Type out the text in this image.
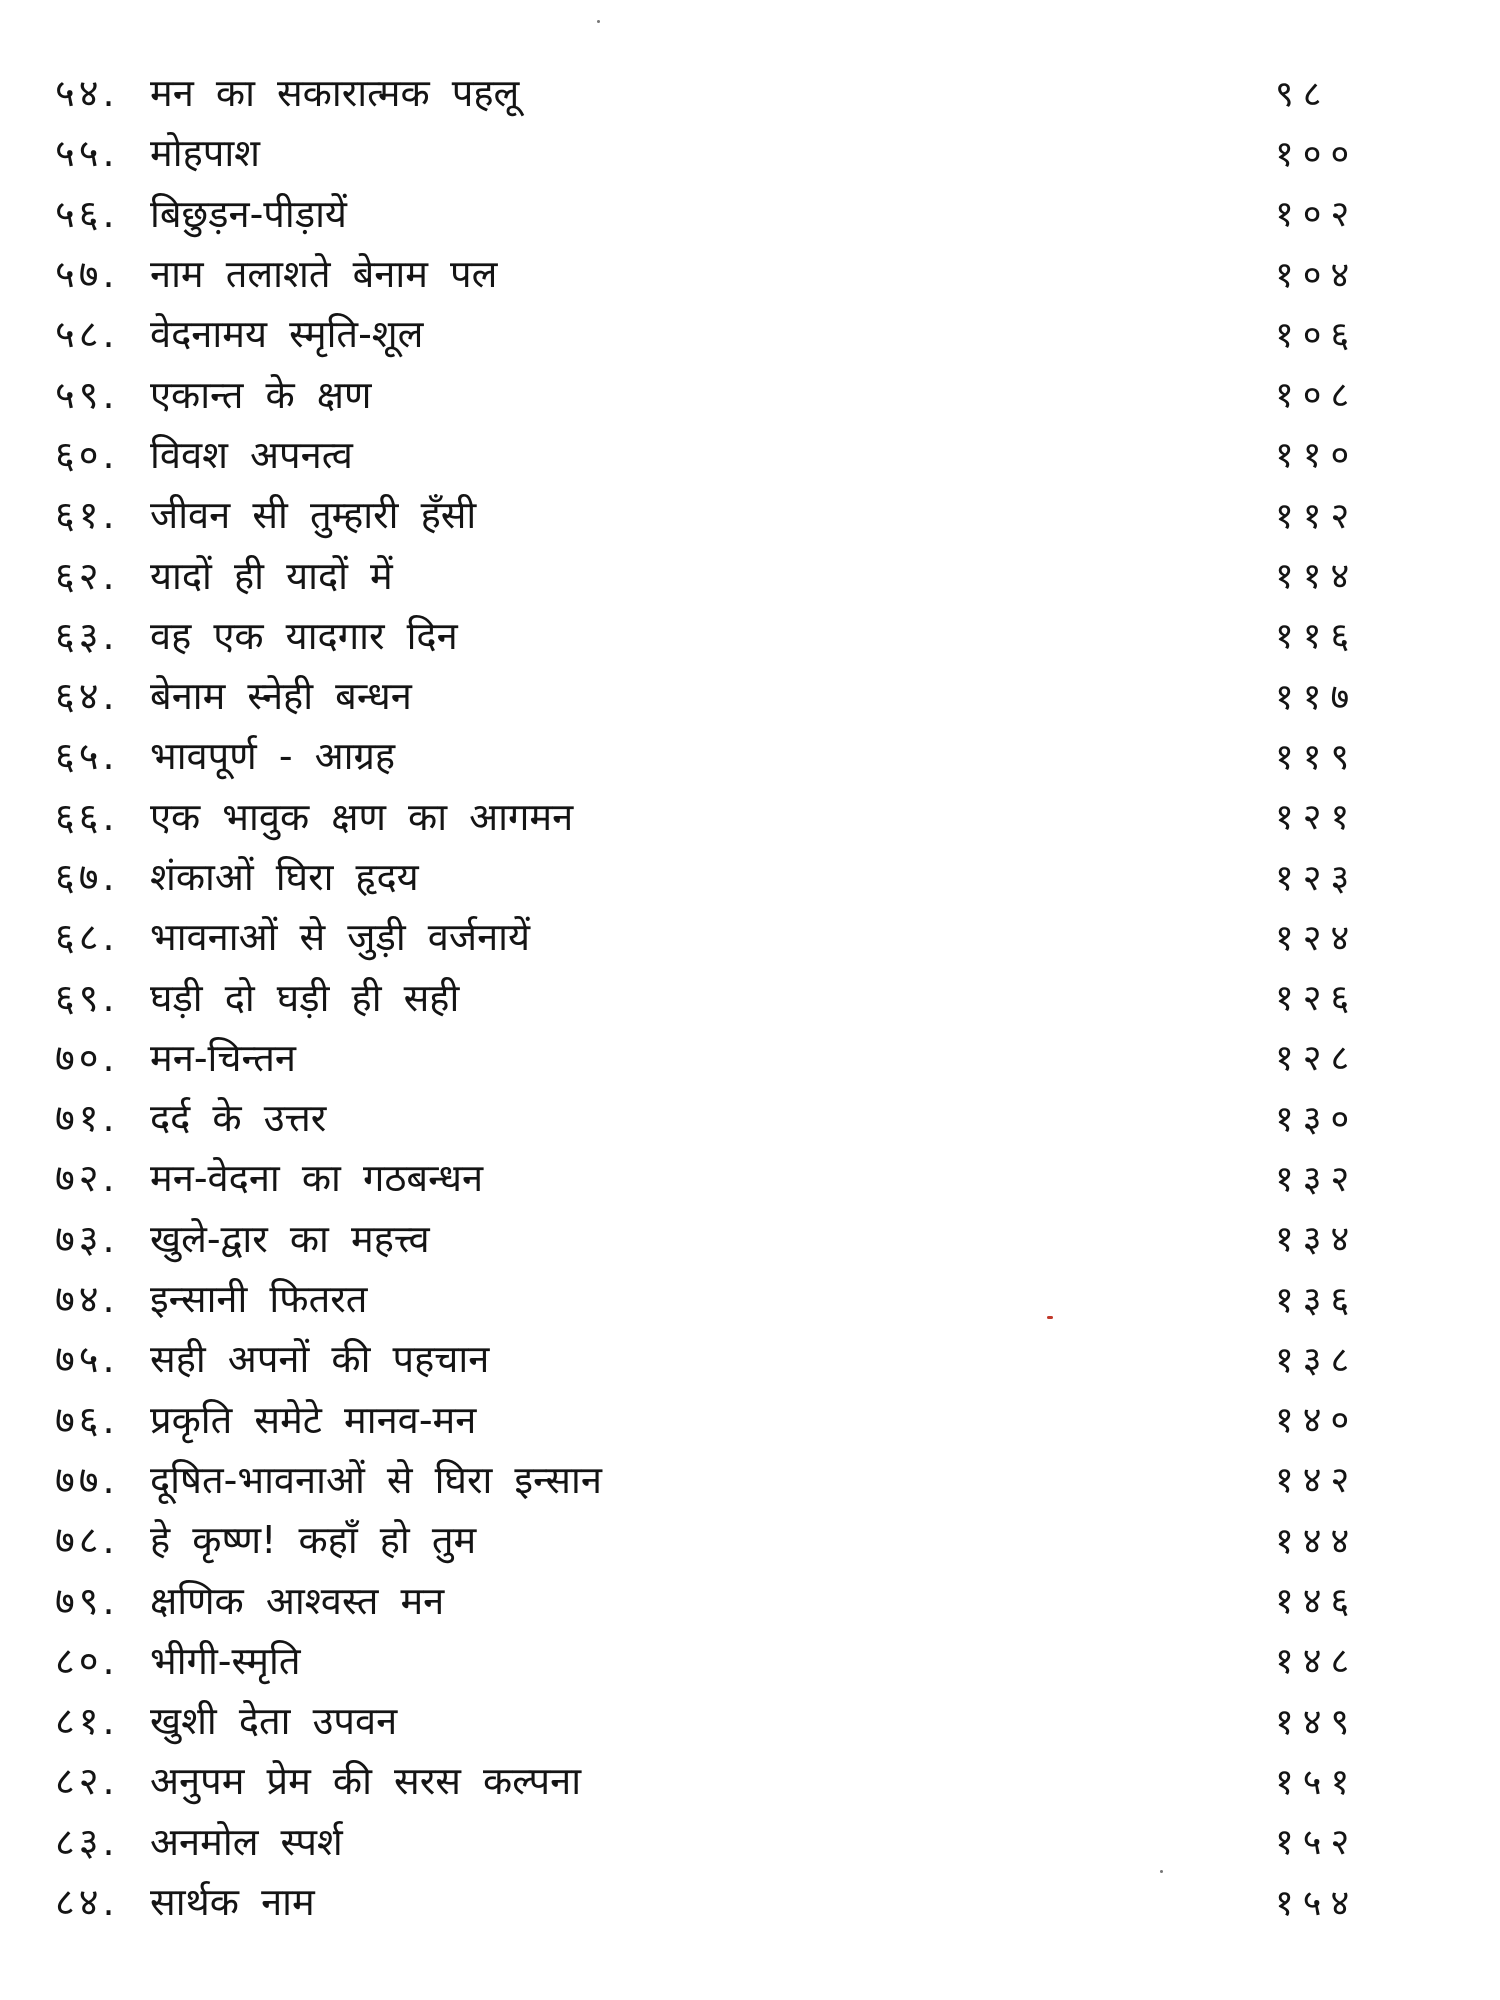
५४. मन का सकारात्मक पहलू	९८
५५. मोहपाश	१००
५६. बिछुड़न-पीड़ायें	१०२
५७. नाम तलाशते बेनाम पल	१०४
५८. वेदनामय स्मृति-शूल	१०६
५९. एकान्त के क्षण	१०८
६०. विवश अपनत्व	११०
६१. जीवन सी तुम्हारी हँसी	११२
६२. यादों ही यादों में	११४
६३. वह एक यादगार दिन	११६
६४. बेनाम स्नेही बन्धन	११७
६५. भावपूर्ण - आग्रह	११९
६६. एक भावुक क्षण का आगमन	१२१
६७. शंकाओं घिरा हृदय	१२३
६८. भावनाओं से जुड़ी वर्जनायें	१२४
६९. घड़ी दो घड़ी ही सही	१२६
७०. मन-चिन्तन	१२८
७१. दर्द के उत्तर	१३०
७२. मन-वेदना का गठबन्धन	१३२
७३. खुले-द्वार का महत्त्व	१३४
७४. इन्सानी फितरत	१३६
७५. सही अपनों की पहचान	१३८
७६. प्रकृति समेटे मानव-मन	१४०
७७. दूषित-भावनाओं से घिरा इन्सान	१४२
७८. हे कृष्ण! कहाँ हो तुम	१४४
७९. क्षणिक आश्वस्त मन	१४६
८०. भीगी-स्मृति	१४८
८१. खुशी देता उपवन	१४९
८२. अनुपम प्रेम की सरस कल्पना	१५१
८३. अनमोल स्पर्श	१५२
८४. सार्थक नाम	१५४
